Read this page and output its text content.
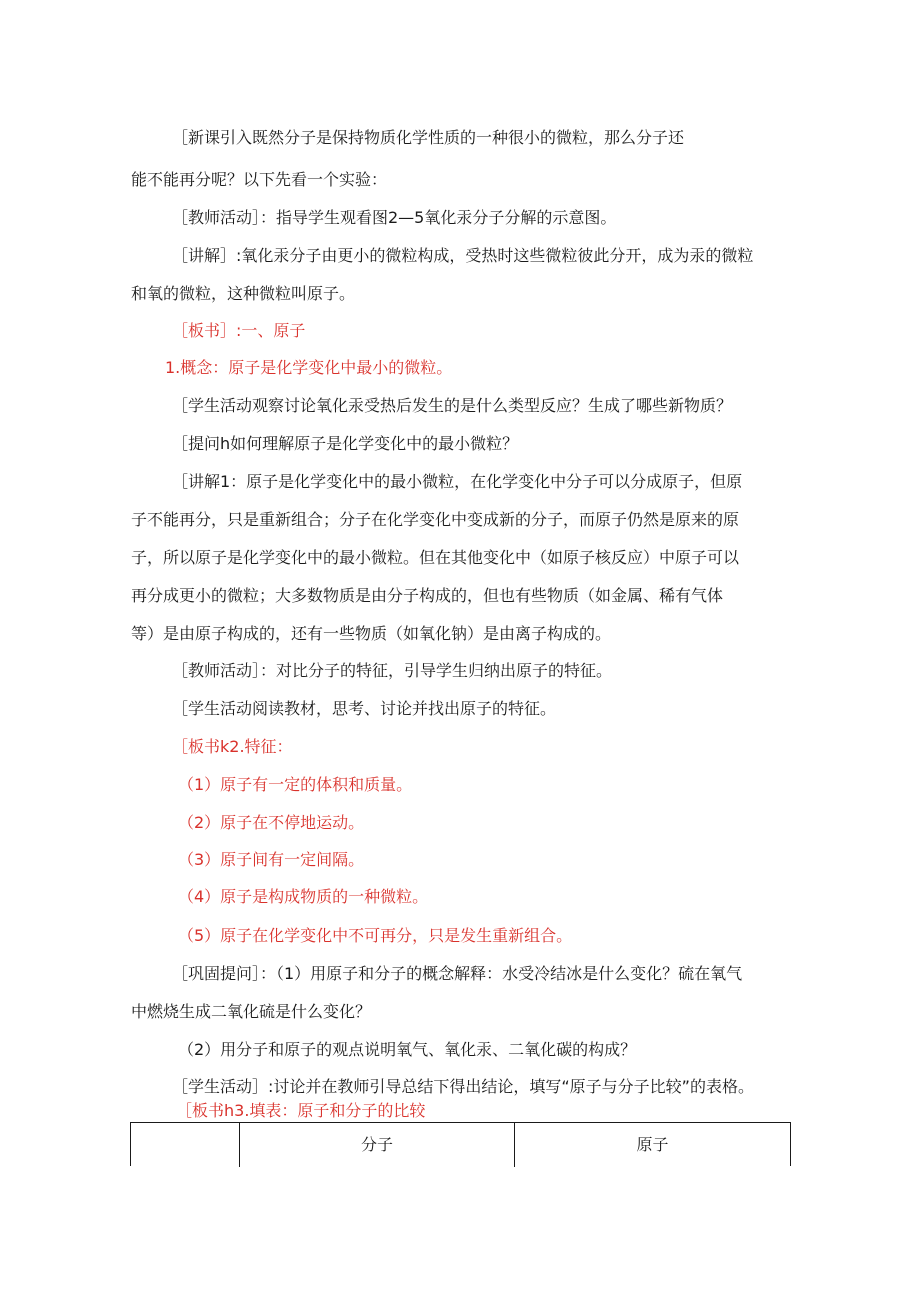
［新课引入既然分子是保持物质化学性质的一种很小的微粒，那么分子还
能不能再分呢？以下先看一个实验：
［教师活动］：指导学生观看图2—5氧化汞分子分解的示意图。
［讲解］:氧化汞分子由更小的微粒构成，受热时这些微粒彼此分开，成为汞的微粒
和氧的微粒，这种微粒叫原子。
［板书］:一、原子
1.概念：原子是化学变化中最小的微粒。
［学生活动观察讨论氧化汞受热后发生的是什么类型反应？生成了哪些新物质？
［提问h如何理解原子是化学变化中的最小微粒？
［讲解1：原子是化学变化中的最小微粒，在化学变化中分子可以分成原子，但原
子不能再分，只是重新组合；分子在化学变化中变成新的分子，而原子仍然是原来的原
子，所以原子是化学变化中的最小微粒。但在其他变化中（如原子核反应）中原子可以
再分成更小的微粒；大多数物质是由分子构成的，但也有些物质（如金属、稀有气体
等）是由原子构成的，还有一些物质（如氧化钠）是由离子构成的。
［教师活动］：对比分子的特征，引导学生归纳出原子的特征。
［学生活动阅读教材，思考、讨论并找出原子的特征。
［板书k2.特征：
（1）原子有一定的体积和质量。
（2）原子在不停地运动。
（3）原子间有一定间隔。
（4）原子是构成物质的一种微粒。
（5）原子在化学变化中不可再分，只是发生重新组合。
［巩固提问］：（1）用原子和分子的概念解释：水受冷结冰是什么变化？硫在氧气
中燃烧生成二氧化硫是什么变化？
（2）用分子和原子的观点说明氧气、氧化汞、二氧化碳的构成？
［学生活动］:讨论并在教师引导总结下得出结论，填写“原子与分子比较”的表格。
［板书h3.填表：原子和分子的比较
分子	原子
